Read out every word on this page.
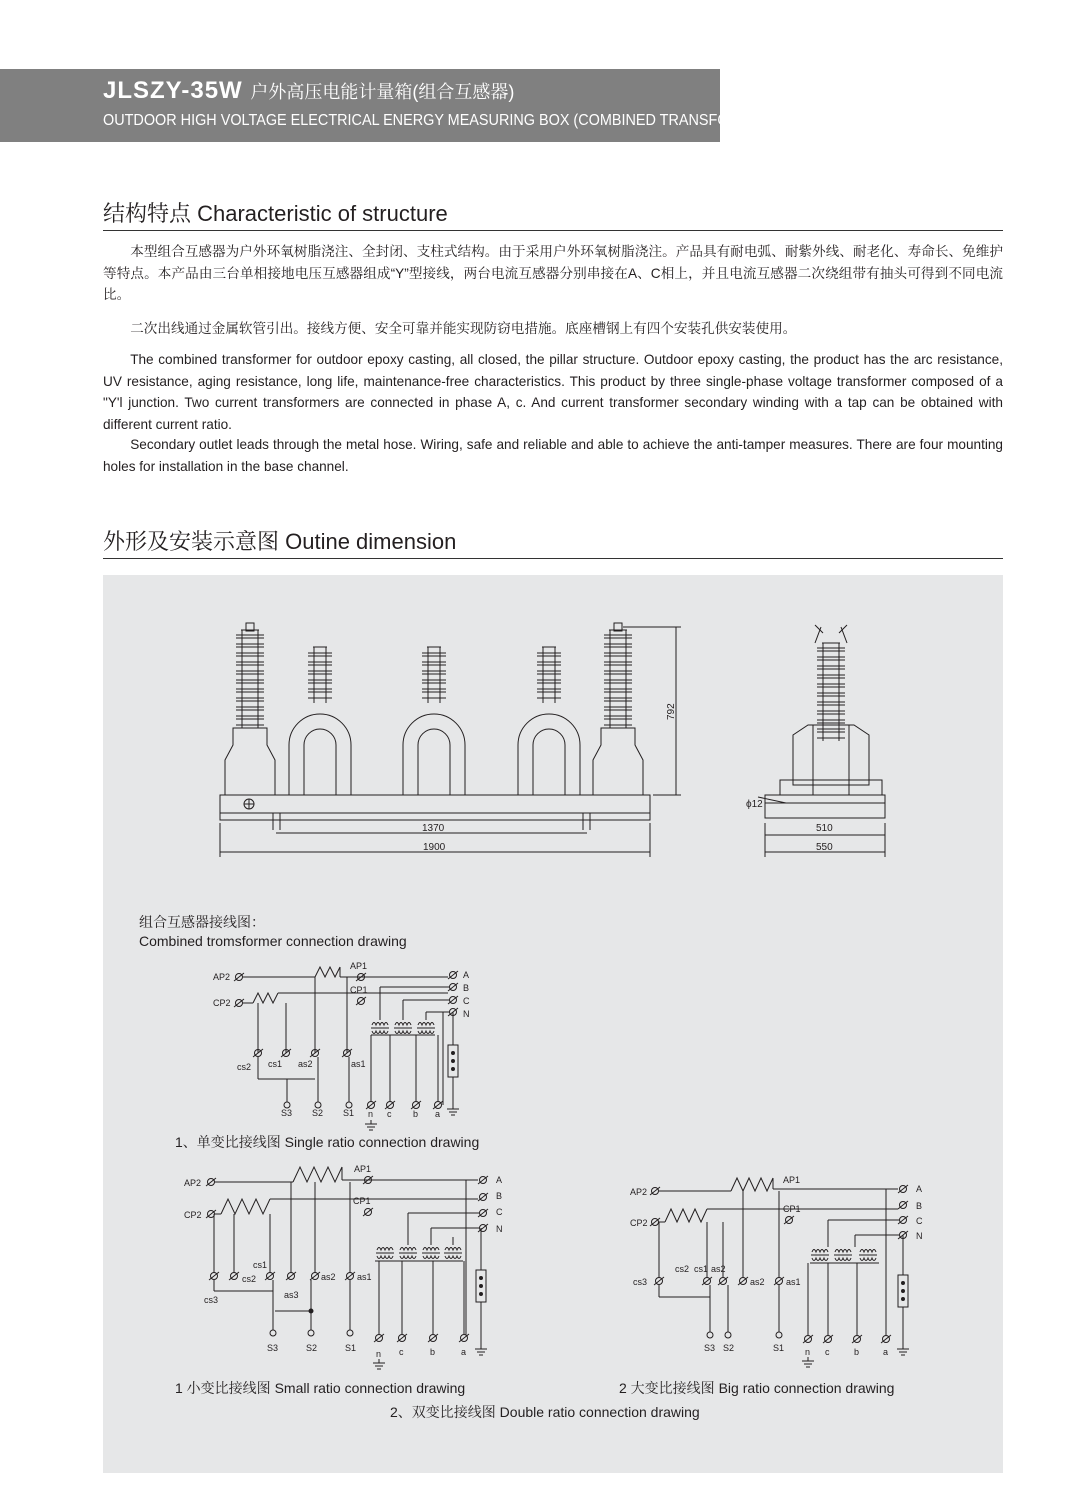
JLSZY-35W 户外高压电能计量箱(组合互感器)
OUTDOOR HIGH VOLTAGE ELECTRICAL ENERGY MEASURING BOX (COMBINED TRANSFORMER)
结构特点 Characteristic of structure

本型组合互感器为户外环氧树脂浇注、全封闭、支柱式结构。由于采用户外环氧树脂浇注。产品具有耐电弧、耐紫外线、耐老化、寿命长、免维护等特点。本产品由三台单相接地电压互感器组成“Y”型接线，两台电流互感器分别串接在A、C相上，并且电流互感器二次绕组带有抽头可得到不同电流比。

二次出线通过金属软管引出。接线方便、安全可靠并能实现防窃电措施。底座槽钢上有四个安装孔供安装使用。

The combined transformer for outdoor epoxy casting, all closed, the pillar structure. Outdoor epoxy casting, the product has the arc resistance, UV resistance, aging resistance, long life, maintenance-free characteristics. This product by three single-phase voltage transformer composed of a "Y'l junction. Two current transformers are connected in phase A, c. And current transformer secondary winding with a tap can be obtained with different current ratio.

Secondary outlet leads through the metal hose. Wiring, safe and reliable and able to achieve the anti-tamper measures. There are four mounting holes for installation in the base channel.

外形及安装示意图 Outine dimension
792
1370
1900
ϕ12
510
550
组合互感器接线图：
Combined tromsformer connection drawing
AP2
AP1
CP2
CP1
A
B
C
N
cs2 cs1 as2	as1
S3 S2 S1 n c b a
1、单变比接线图 Single ratio connection drawing
AP2
AP1
CP2
CP1
A
B
C
N
cs1
cs2
cs3
as2 as1
as3
S3	S2	S1
n c	b	a
1 小变比接线图 Small ratio connection drawing
AP2
AP1
CP2
CP1
A
B
C
N
cs3
cs2 cs1 as2
as2 as1
S3 S2	S1 n c	b	a
2 大变比接线图 Big ratio connection drawing
2、双变比接线图 Double ratio connection drawing
